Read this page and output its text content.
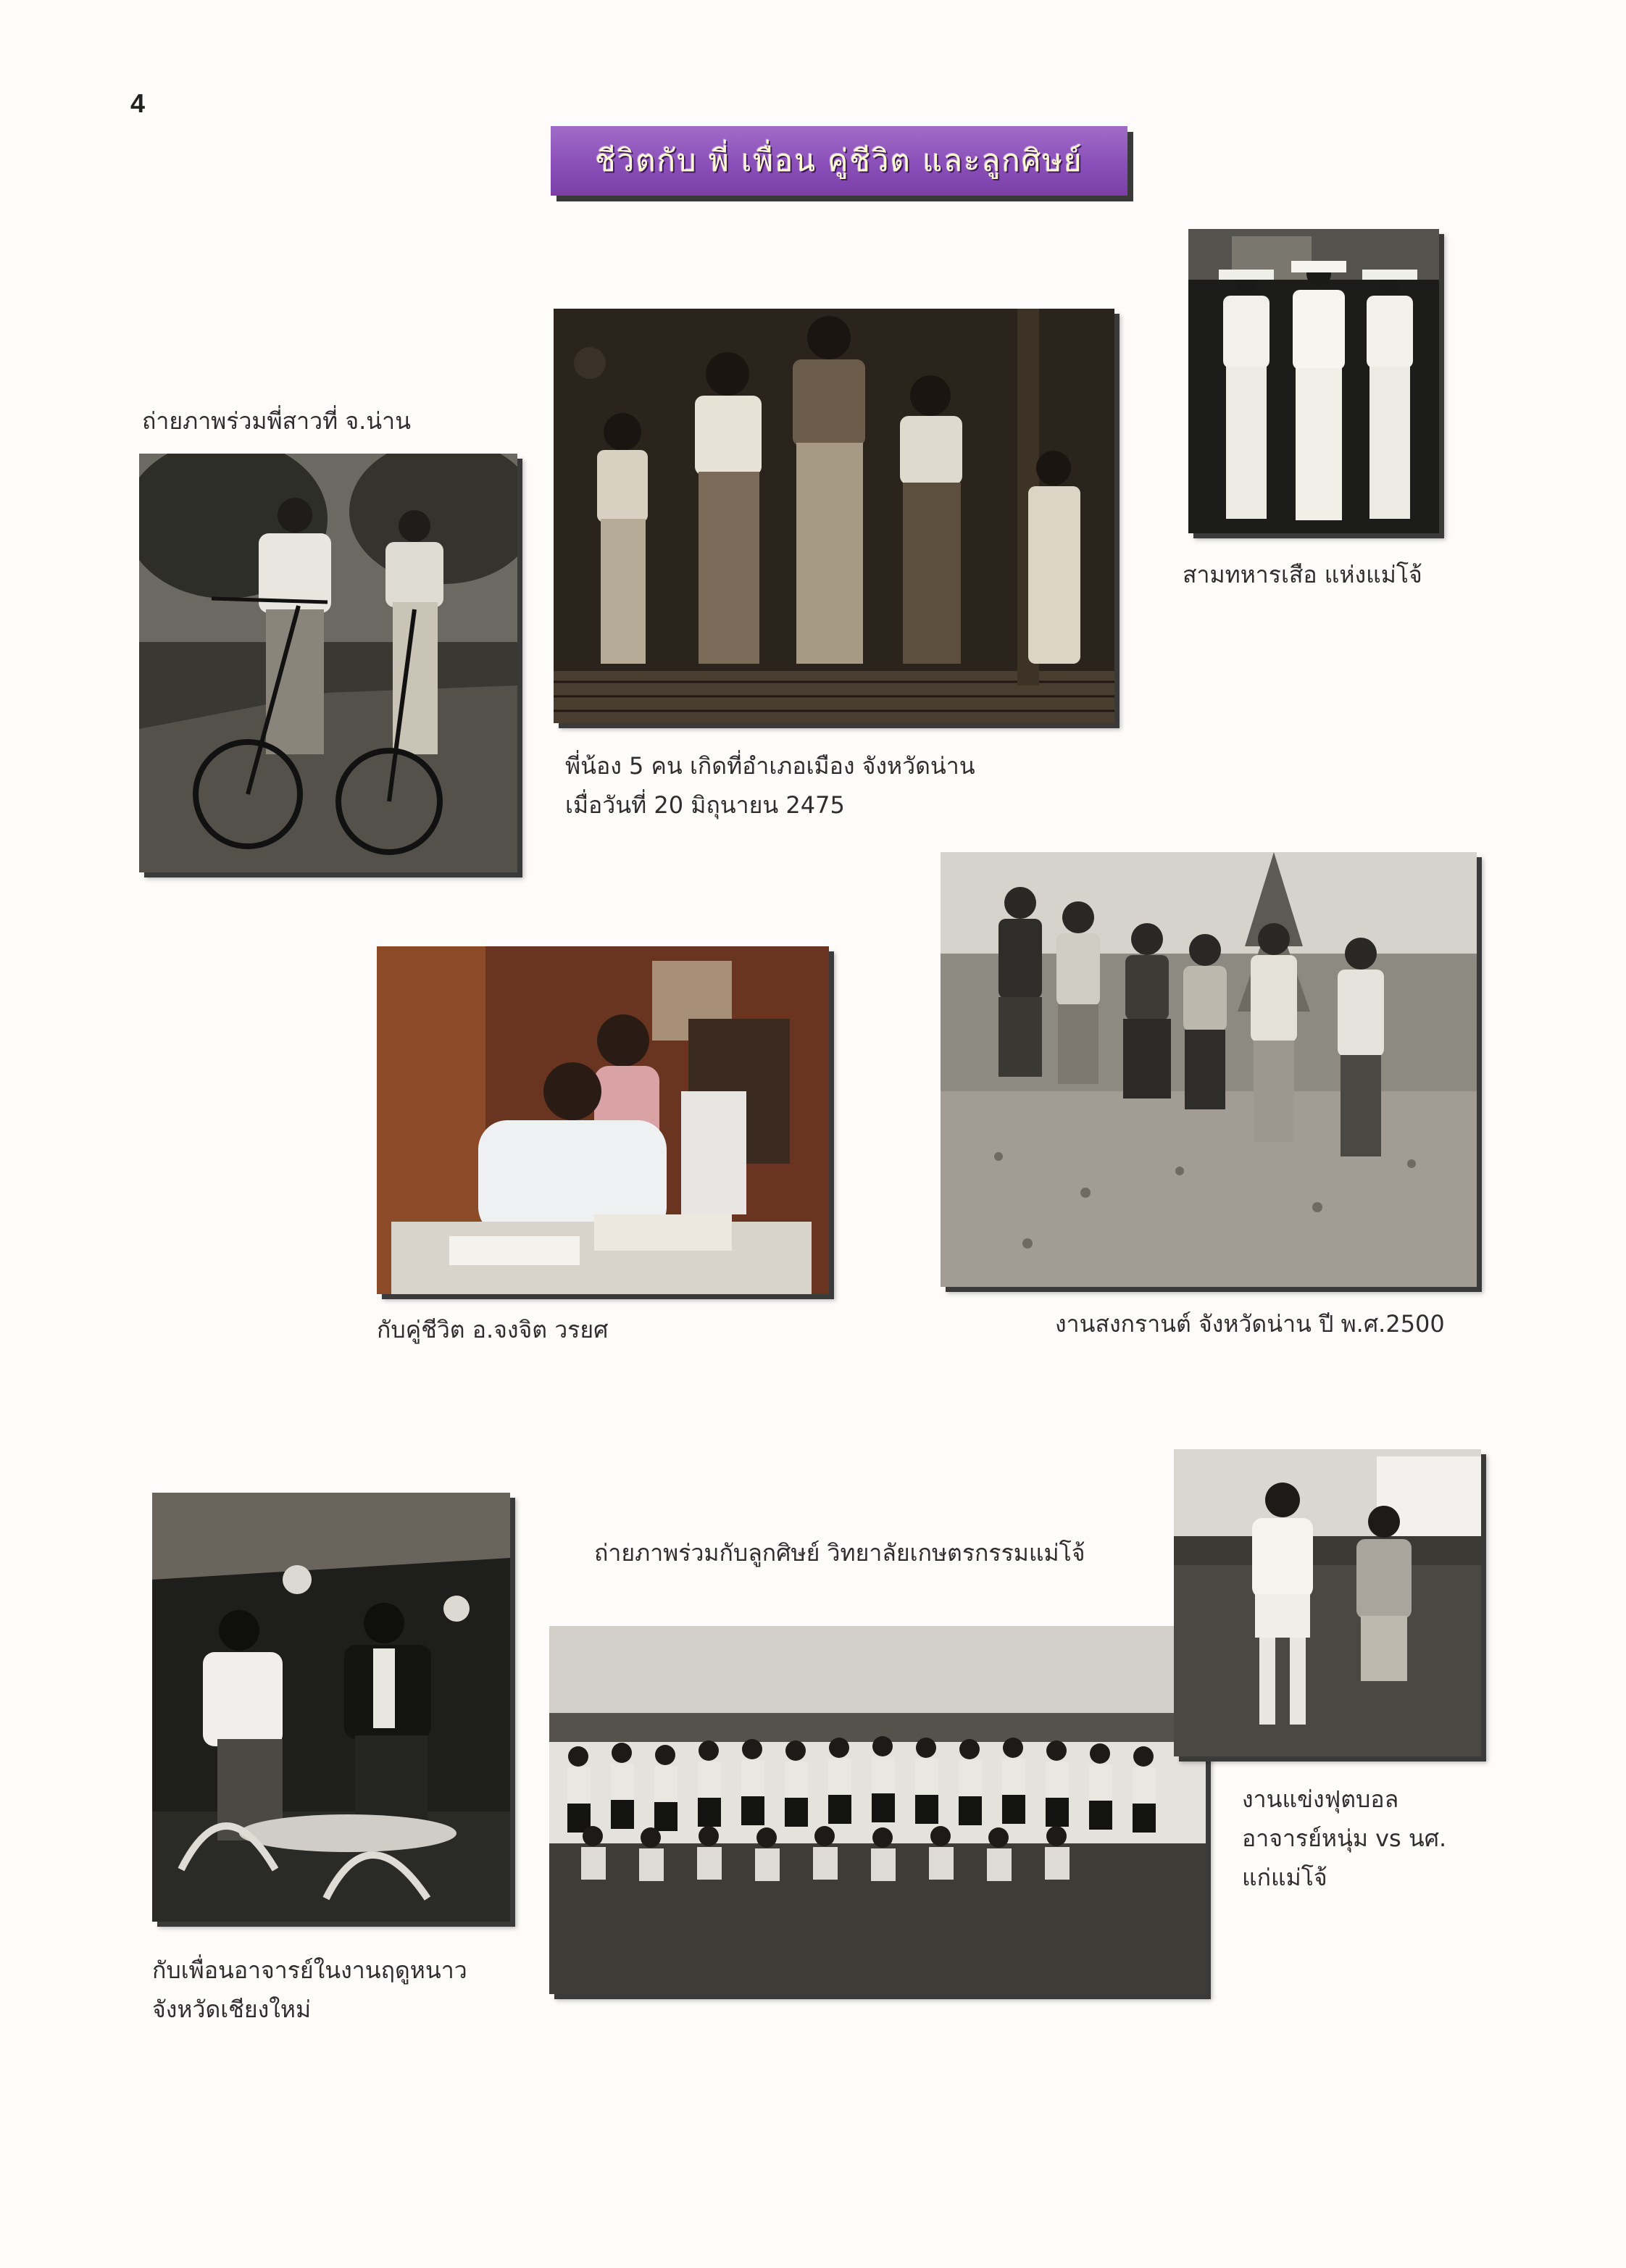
4
ชีวิตกับ พี่ เพื่อน คู่ชีวิต และลูกศิษย์
ถ่ายภาพร่วมพี่สาวที่ จ.น่าน
พี่น้อง 5 คน เกิดที่อำเภอเมือง จังหวัดน่าน
เมื่อวันที่ 20 มิถุนายน 2475
สามทหารเสือ แห่งแม่โจ้
กับคู่ชีวิต อ.จงจิต วรยศ	งานสงกรานต์ จังหวัดน่าน ปี พ.ศ.2500
กับเพื่อนอาจารย์ในงานฤดูหนาว
จังหวัดเชียงใหม่
ถ่ายภาพร่วมกับลูกศิษย์ วิทยาลัยเกษตรกรรมแม่โจ้
งานแข่งฟุตบอล
อาจารย์หนุ่ม vs นศ.
แก่แม่โจ้
